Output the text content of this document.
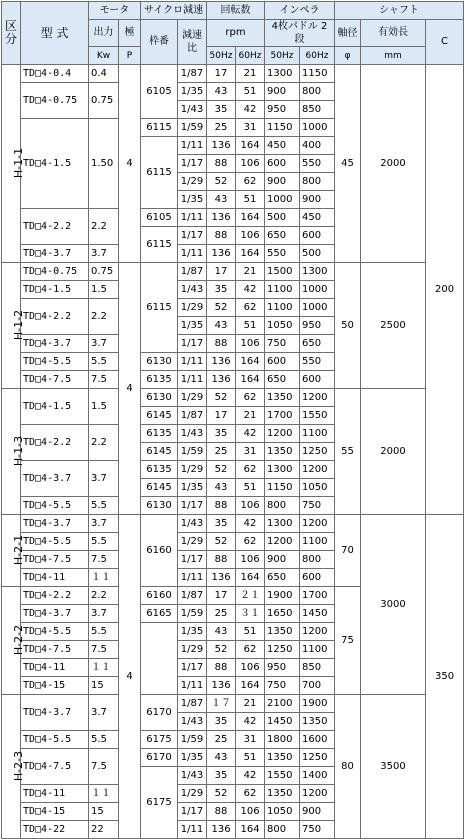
区分	型 式	モータ		サイクロ減速		回転数		インペラ		シャフト		
		出力	極	枠番	減速比	rpm		4枚パドル 2段		軸径	有効長	C
		Kw	P			50Hz	60Hz	50Hz	60Hz	φ	mm	
H-1-1	TD□4-0.4	0.4	4	6105	1/87	17	21	1300	1150	45	2000	200
	TD□4-0.75	0.75			1/35	43	51	900	800			
					1/43	35	42	950	850			
	TD□4-1.5	1.50		6115	1/59	25	31	1150	1000			
				6115	1/11	136	164	450	400			
					1/17	88	106	600	550			
					1/29	52	62	900	800			
					1/35	43	51	1000	900			
	TD□4-2.2	2.2		6105	1/11	136	164	500	450			
				6115	1/17	88	106	650	600			
	TD□4-3.7	3.7			1/11	136	164	550	500			
H-1-2	TD□4-0.75	0.75	4	6115	1/87	17	21	1500	1300	50	2500	
	TD□4-1.5	1.5			1/43	35	42	1100	1000			
	TD□4-2.2	2.2			1/29	52	62	1100	1000			
					1/35	43	51	1050	950			
	TD□4-3.7	3.7			1/17	88	106	750	650			
	TD□4-5.5	5.5		6130	1/11	136	164	600	550			
	TD□4-7.5	7.5		6135	1/11	136	164	650	600			
H-1-3	TD□4-1.5	1.5		6130	1/29	52	62	1350	1200	55	2000	
				6145	1/87	17	21	1700	1550			
	TD□4-2.2	2.2		6135	1/43	35	42	1200	1100			
				6145	1/59	25	31	1350	1250			
	TD□4-3.7	3.7		6135	1/29	52	62	1300	1200			
				6145	1/35	43	51	1150	1050			
	TD□4-5.5	5.5		6130	1/17	88	106	800	750			
H-2-1	TD□4-3.7	3.7	4	6160	1/43	35	42	1300	1200	70	3000	350
	TD□4-5.5	5.5			1/29	52	62	1200	1100			
	TD□4-7.5	7.5			1/17	88	106	900	800			
	TD□4-11	１１			1/11	136	164	650	600			
H-2-2	TD□4-2.2	2.2		6160	1/87	17	２１	1900	1700	75		
	TD□4-3.7	3.7		6165	1/59	25	３１	1650	1450			
	TD□4-5.5	5.5			1/35	43	51	1350	1200			
	TD□4-7.5	7.5			1/29	52	62	1250	1100			
	TD□4-11	１１			1/17	88	106	950	850			
	TD□4-15	15			1/11	136	164	750	700			
H-2-3	TD□4-3.7	3.7		6170	1/87	１７	21	2100	1900	80	3500	
					1/43	35	42	1450	1350			
	TD□4-5.5	5.5		6175	1/59	25	31	1800	1600			
	TD□4-7.5	7.5		6170	1/35	43	51	1350	1250			
				6175	1/43	35	42	1550	1400			
	TD□4-11	１１			1/29	52	62	1350	1200			
	TD□4-15	15			1/17	88	106	1050	900			
	TD□4-22	22			1/11	136	164	800	750			
